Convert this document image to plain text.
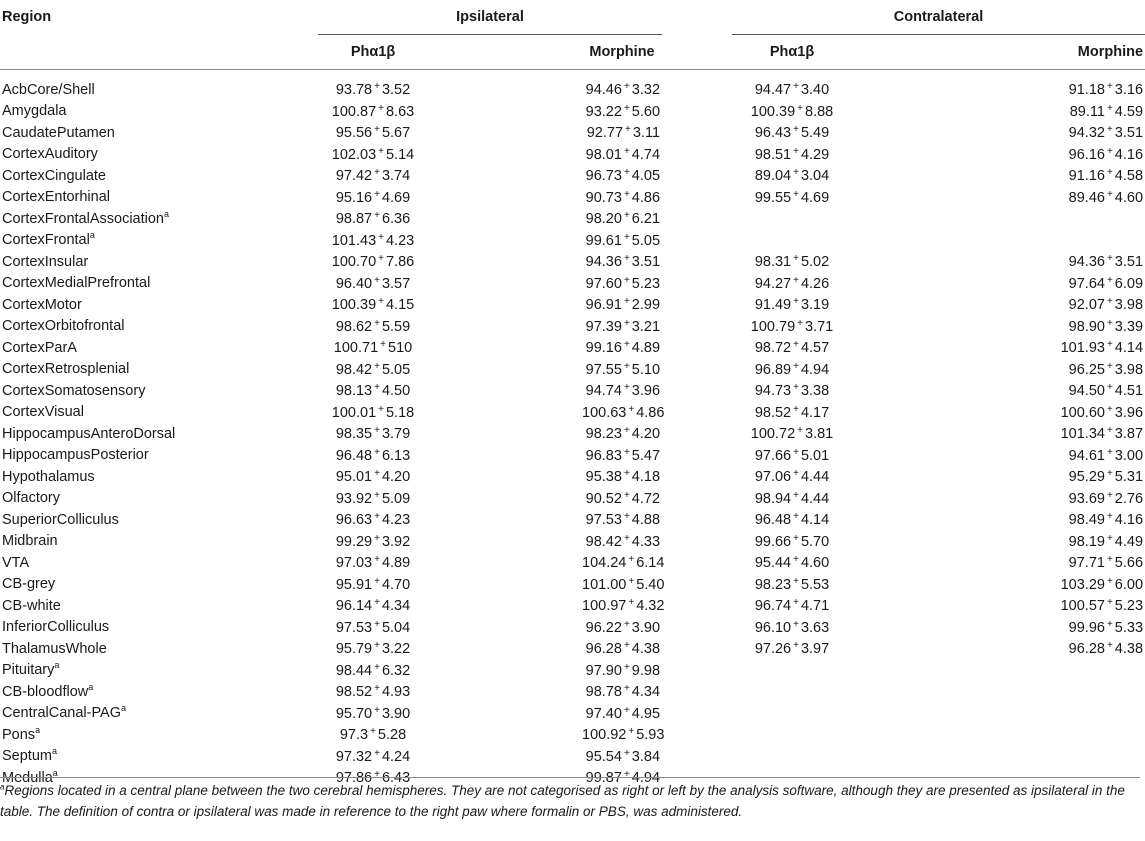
Region	Ipsilateral				Contralateral		
	Phα1β		Morphine		Phα1β		Morphine
AcbCore/Shell	93.78 + 3.52		94.46 + 3.32		94.47 + 3.40		91.18 + 3.16
Amygdala	100.87 + 8.63		93.22 + 5.60		100.39 + 8.88		89.11 + 4.59
CaudatePutamen	95.56 + 5.67		92.77 + 3.11		96.43 + 5.49		94.32 + 3.51
CortexAuditory	102.03 + 5.14		98.01 + 4.74		98.51 + 4.29		96.16 + 4.16
CortexCingulate	97.42 + 3.74		96.73 + 4.05		89.04 + 3.04		91.16 + 4.58
CortexEntorhinal	95.16 + 4.69		90.73 + 4.86		99.55 + 4.69		89.46 + 4.60
CortexFrontalAssociation$^a$	98.87 + 6.36		98.20 + 6.21				
CortexFrontal$^a$	101.43 + 4.23		99.61 + 5.05				
CortexInsular	100.70 + 7.86		94.36 + 3.51		98.31 + 5.02		94.36 + 3.51
CortexMedialPrefrontal	96.40 + 3.57		97.60 + 5.23		94.27 + 4.26		97.64 + 6.09
CortexMotor	100.39 + 4.15		96.91 + 2.99		91.49 + 3.19		92.07 + 3.98
CortexOrbitofrontal	98.62 + 5.59		97.39 + 3.21		100.79 + 3.71		98.90 + 3.39
CortexParA	100.71 + 510		99.16 + 4.89		98.72 + 4.57		101.93 + 4.14
CortexRetrosplenial	98.42 + 5.05		97.55 + 5.10		96.89 + 4.94		96.25 + 3.98
CortexSomatosensory	98.13 + 4.50		94.74 + 3.96		94.73 + 3.38		94.50 + 4.51
CortexVisual	100.01 + 5.18		100.63 + 4.86		98.52 + 4.17		100.60 + 3.96
HippocampusAnteroDorsal	98.35 + 3.79		98.23 + 4.20		100.72 + 3.81		101.34 + 3.87
HippocampusPosterior	96.48 + 6.13		96.83 + 5.47		97.66 + 5.01		94.61 + 3.00
Hypothalamus	95.01 + 4.20		95.38 + 4.18		97.06 + 4.44		95.29 + 5.31
Olfactory	93.92 + 5.09		90.52 + 4.72		98.94 + 4.44		93.69 + 2.76
SuperiorColliculus	96.63 + 4.23		97.53 + 4.88		96.48 + 4.14		98.49 + 4.16
Midbrain	99.29 + 3.92		98.42 + 4.33		99.66 + 5.70		98.19 + 4.49
VTA	97.03 + 4.89		104.24 + 6.14		95.44 + 4.60		97.71 + 5.66
CB-grey	95.91 + 4.70		101.00 + 5.40		98.23 + 5.53		103.29 + 6.00
CB-white	96.14 + 4.34		100.97 + 4.32		96.74 + 4.71		100.57 + 5.23
InferiorColliculus	97.53 + 5.04		96.22 + 3.90		96.10 + 3.63		99.96 + 5.33
ThalamusWhole	95.79 + 3.22		96.28 + 4.38		97.26 + 3.97		96.28 + 4.38
Pituitary$^a$	98.44 + 6.32		97.90 + 9.98				
CB-bloodflow$^a$	98.52 + 4.93		98.78 + 4.34				
CentralCanal-PAG$^a$	95.70 + 3.90		97.40 + 4.95				
Pons$^a$	97.3 + 5.28		100.92 + 5.93				
Septum$^a$	97.32 + 4.24		95.54 + 3.84				
Medulla$^a$	97.86 + 6.43		99.87 + 4.94				
$^a$Regions located in a central plane between the two cerebral hemispheres. They are not categorised as right or left by the analysis software, although they are presented as ipsilateral in the table. The definition of contra or ipsilateral was made in reference to the right paw where formalin or PBS, was administered.
